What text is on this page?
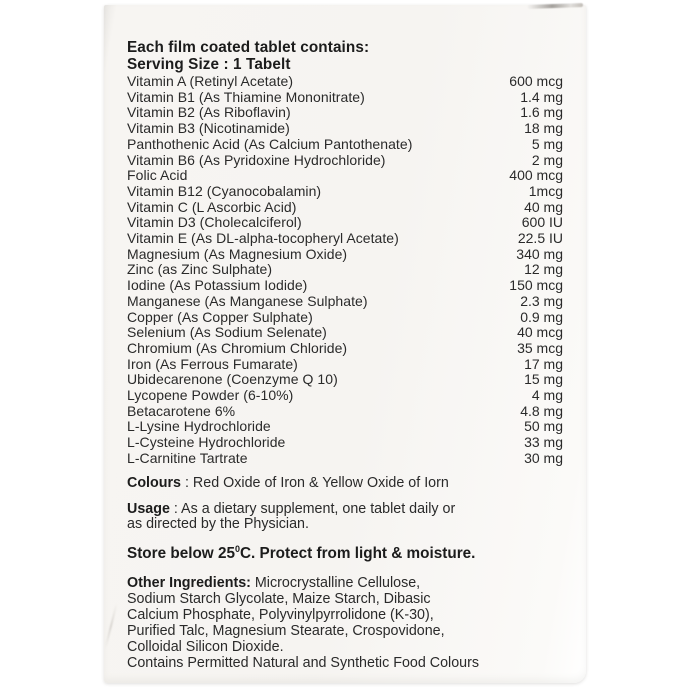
Each film coated tablet contains:
Serving Size : 1 Tabelt
Vitamin A (Retinyl Acetate)	600 mcg
Vitamin B1 (As Thiamine Mononitrate)	1.4 mg
Vitamin B2 (As Riboflavin)	1.6 mg
Vitamin B3 (Nicotinamide)	18 mg
Panthothenic Acid (As Calcium Pantothenate)	5 mg
Vitamin B6 (As Pyridoxine Hydrochloride)	2 mg
Folic Acid	400 mcg
Vitamin B12 (Cyanocobalamin)	1mcg
Vitamin C (L Ascorbic Acid)	40 mg
Vitamin D3 (Cholecalciferol)	600 IU
Vitamin E (As DL-alpha-tocopheryl Acetate)	22.5 IU
Magnesium (As Magnesium Oxide)	340 mg
Zinc (as Zinc Sulphate)	12 mg
Iodine (As Potassium Iodide)	150 mcg
Manganese (As Manganese Sulphate)	2.3 mg
Copper (As Copper Sulphate)	0.9 mg
Selenium (As Sodium Selenate)	40 mcg
Chromium (As Chromium Chloride)	35 mcg
Iron (As Ferrous Fumarate)	17 mg
Ubidecarenone (Coenzyme Q 10)	15 mg
Lycopene Powder (6-10%)	4 mg
Betacarotene 6%	4.8 mg
L-Lysine Hydrochloride	50 mg
L-Cysteine Hydrochloride	33 mg
L-Carnitine Tartrate	30 mg
Colours : Red Oxide of Iron & Yellow Oxide of Iorn
Usage : As a dietary supplement, one tablet daily or
as directed by the Physician.
Store below $25^0C$. Protect from light & moisture.
Other Ingredients: Microcrystalline Cellulose,
Sodium Starch Glycolate, Maize Starch, Dibasic
Calcium Phosphate, Polyvinylpyrrolidone (K-30),
Purified Talc, Magnesium Stearate, Crospovidone,
Colloidal Silicon Dioxide.
Contains Permitted Natural and Synthetic Food Colours
